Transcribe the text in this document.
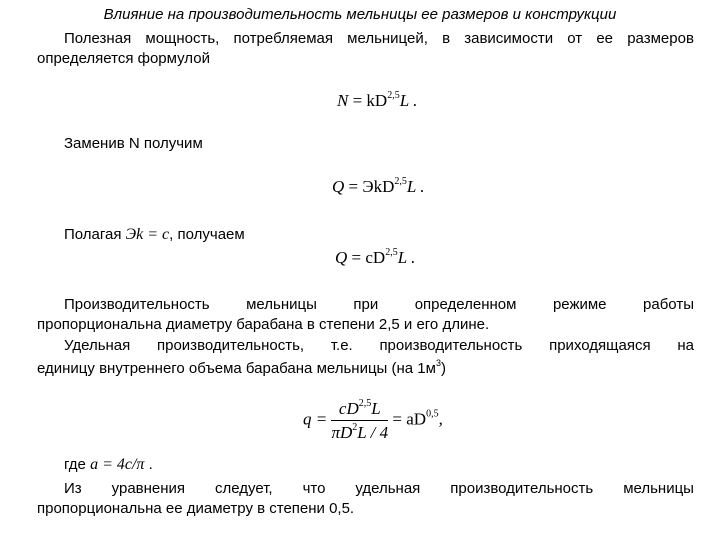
Влияние на производительность мельницы ее размеров и конструкции
Полезная мощность, потребляемая мельницей, в зависимости от ее размеров
определяется формулой
N = kD$^{2,5}$L .
Заменив N получим
Q = ЭkD$^{2,5}$L .
Полагая Эk = c, получаем
Q = cD$^{2,5}$L .
Производительность мельницы при определенном режиме работы
пропорциональна диаметру барабана в степени 2,5 и его длине.
Удельная производительность, т.е. производительность приходящаяся на
единицу внутреннего объема барабана мельницы (на $1м^3$)
$q = \frac{cD^{2,5}L}{\pi D^2L / 4} = aD^{0,5}$,
где a = 4c/π .
Из уравнения следует, что удельная производительность мельницы
пропорциональна ее диаметру в степени 0,5.
